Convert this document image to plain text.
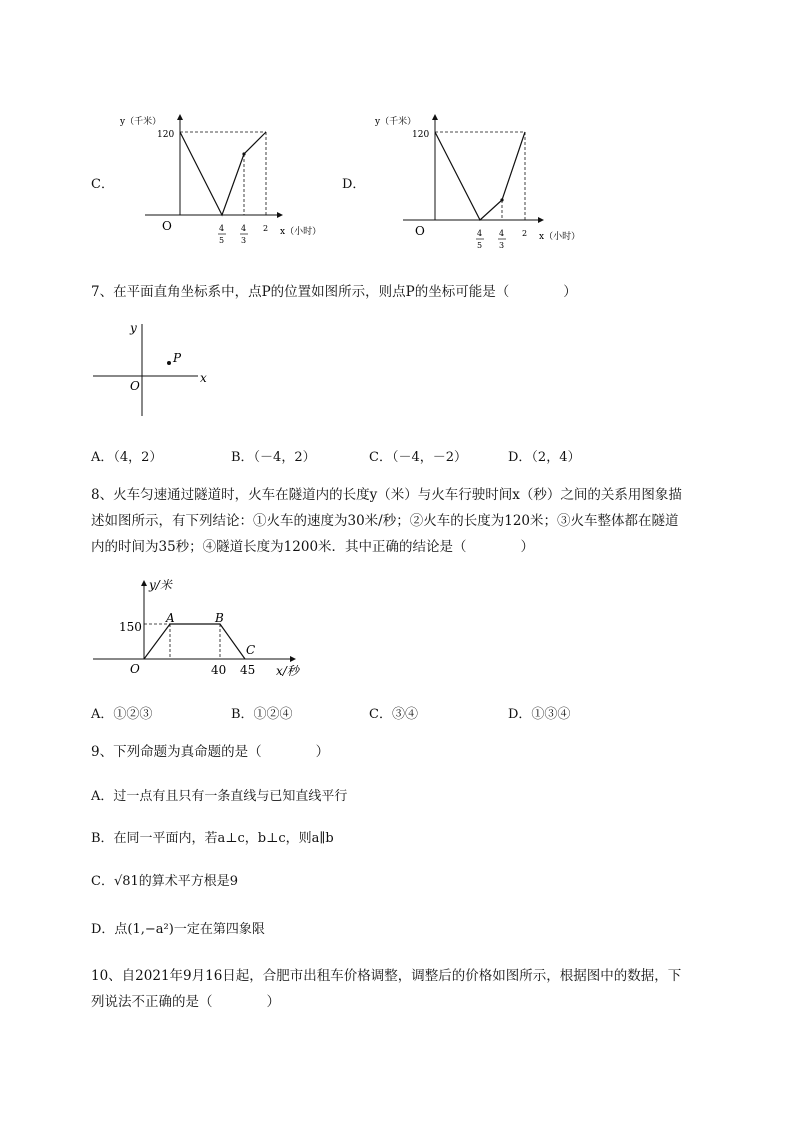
C．
y（千米）
120
O	x（小时）
4
5
4
3
2
D．
y（千米）
120
O	x（小时）
4
5
4
3
2
7、在平面直角坐标系中，点P的位置如图所示，则点P的坐标可能是（　　　　）
y
x
O
P
A．（4，2）	B．（－4，2）	C．（－4，－2）	D．（2，4）
8、火车匀速通过隧道时，火车在隧道内的长度y（米）与火车行驶时间x（秒）之间的关系用图象描
述如图所示，有下列结论：①火车的速度为30米/秒；②火车的长度为120米；③火车整体都在隧道
内的时间为35秒；④隧道长度为1200米．其中正确的结论是（　　　　）
y/米
x/秒
O
150
A	B
C
40 45
A．①②③	B．①②④	C．③④	D．①③④
9、下列命题为真命题的是（　　　　）
A．过一点有且只有一条直线与已知直线平行
B．在同一平面内，若a⊥c，b⊥c，则a∥b
C．√81的算术平方根是9
D．点(1,−a²)一定在第四象限
10、自2021年9月16日起，合肥市出租车价格调整，调整后的价格如图所示，根据图中的数据，下
列说法不正确的是（　　　　）
